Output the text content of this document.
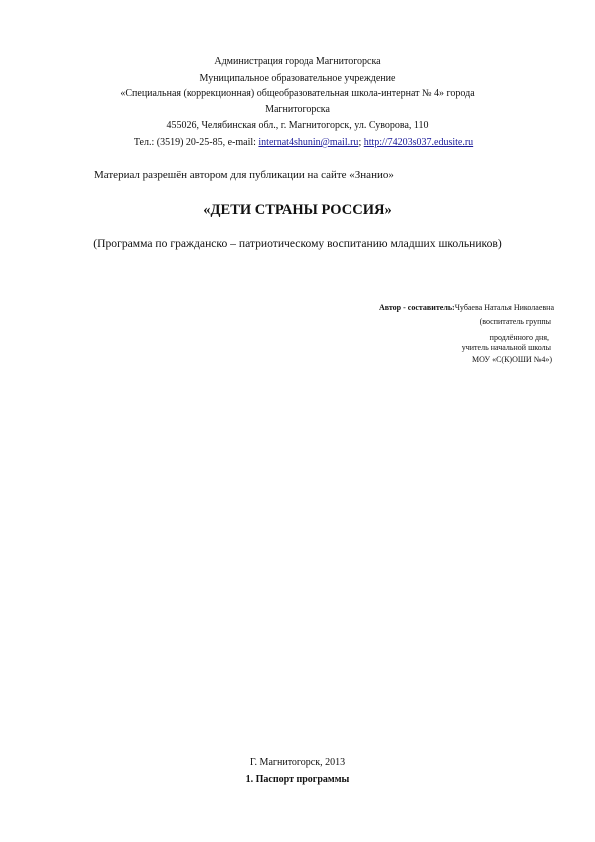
Администрация города Магнитогорска
Муниципальное образовательное учреждение
«Специальная (коррекционная) общеобразовательная школа-интернат № 4» города
Магнитогорска
455026, Челябинская обл., г. Магнитогорск, ул. Суворова, 110
Тел.: (3519) 20-25-85, e-mail: internat4shunin@mail.ru; http://74203s037.edusite.ru
Материал разрешён автором для публикации на сайте «Знанио»
«ДЕТИ СТРАНЫ РОССИЯ»
(Программа по гражданско – патриотическому воспитанию младших школьников)
Автор - составитель:Чубаева Наталья Николаевна
(воспитатель группы
продлённого дня,
учитель начальной школы
МОУ «С(К)ОШИ №4»)
Г. Магнитогорск, 2013
1. Паспорт программы
